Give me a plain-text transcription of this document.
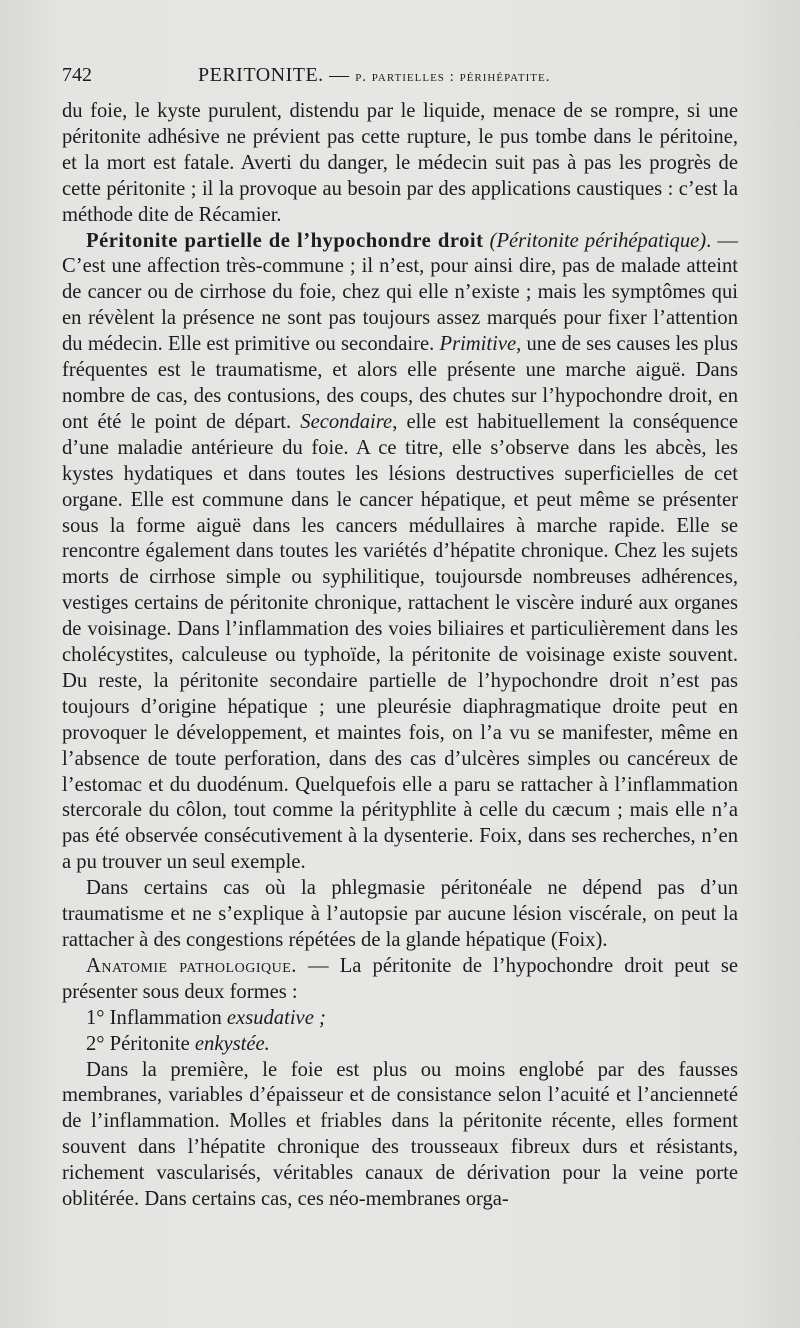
742	PERITONITE. — p. partielles : périhépatite.

du foie, le kyste purulent, distendu par le liquide, menace de se rompre, si une péritonite adhésive ne prévient pas cette rupture, le pus tombe dans le péritoine, et la mort est fatale. Averti du danger, le médecin suit pas à pas les progrès de cette péritonite ; il la provoque au besoin par des applications caustiques : c’est la méthode dite de Récamier.

Péritonite partielle de l’hypochondre droit (Péritonite périhépatique). — C’est une affection très-commune ; il n’est, pour ainsi dire, pas de malade atteint de cancer ou de cirrhose du foie, chez qui elle n’existe ; mais les symptômes qui en révèlent la présence ne sont pas toujours assez marqués pour fixer l’attention du médecin. Elle est primitive ou secondaire. Primitive, une de ses causes les plus fréquentes est le traumatisme, et alors elle présente une marche aiguë. Dans nombre de cas, des contusions, des coups, des chutes sur l’hypochondre droit, en ont été le point de départ. Secondaire, elle est habituellement la conséquence d’une maladie antérieure du foie. A ce titre, elle s’observe dans les abcès, les kystes hydatiques et dans toutes les lésions destructives superficielles de cet organe. Elle est commune dans le cancer hépatique, et peut même se présenter sous la forme aiguë dans les cancers médullaires à marche rapide. Elle se rencontre également dans toutes les variétés d’hépatite chronique. Chez les sujets morts de cirrhose simple ou syphilitique, toujoursde nombreuses adhérences, vestiges certains de péritonite chronique, rattachent le viscère induré aux organes de voisinage. Dans l’inflammation des voies biliaires et particulièrement dans les cholécystites, calculeuse ou typhoïde, la péritonite de voisinage existe souvent. Du reste, la péritonite secondaire partielle de l’hypochondre droit n’est pas toujours d’origine hépatique ; une pleurésie diaphragmatique droite peut en provoquer le développement, et maintes fois, on l’a vu se manifester, même en l’absence de toute perforation, dans des cas d’ulcères simples ou cancéreux de l’estomac et du duodénum. Quelquefois elle a paru se rattacher à l’inflammation stercorale du côlon, tout comme la pérityphlite à celle du cæcum ; mais elle n’a pas été observée consécutivement à la dysenterie. Foix, dans ses recherches, n’en a pu trouver un seul exemple.

Dans certains cas où la phlegmasie péritonéale ne dépend pas d’un traumatisme et ne s’explique à l’autopsie par aucune lésion viscérale, on peut la rattacher à des congestions répétées de la glande hépatique (Foix).

Anatomie pathologique. — La péritonite de l’hypochondre droit peut se présenter sous deux formes :

1° Inflammation exsudative ;

2° Péritonite enkystée.

Dans la première, le foie est plus ou moins englobé par des fausses membranes, variables d’épaisseur et de consistance selon l’acuité et l’ancienneté de l’inflammation. Molles et friables dans la péritonite récente, elles forment souvent dans l’hépatite chronique des trousseaux fibreux durs et résistants, richement vascularisés, véritables canaux de dérivation pour la veine porte oblitérée. Dans certains cas, ces néo-membranes orga-
